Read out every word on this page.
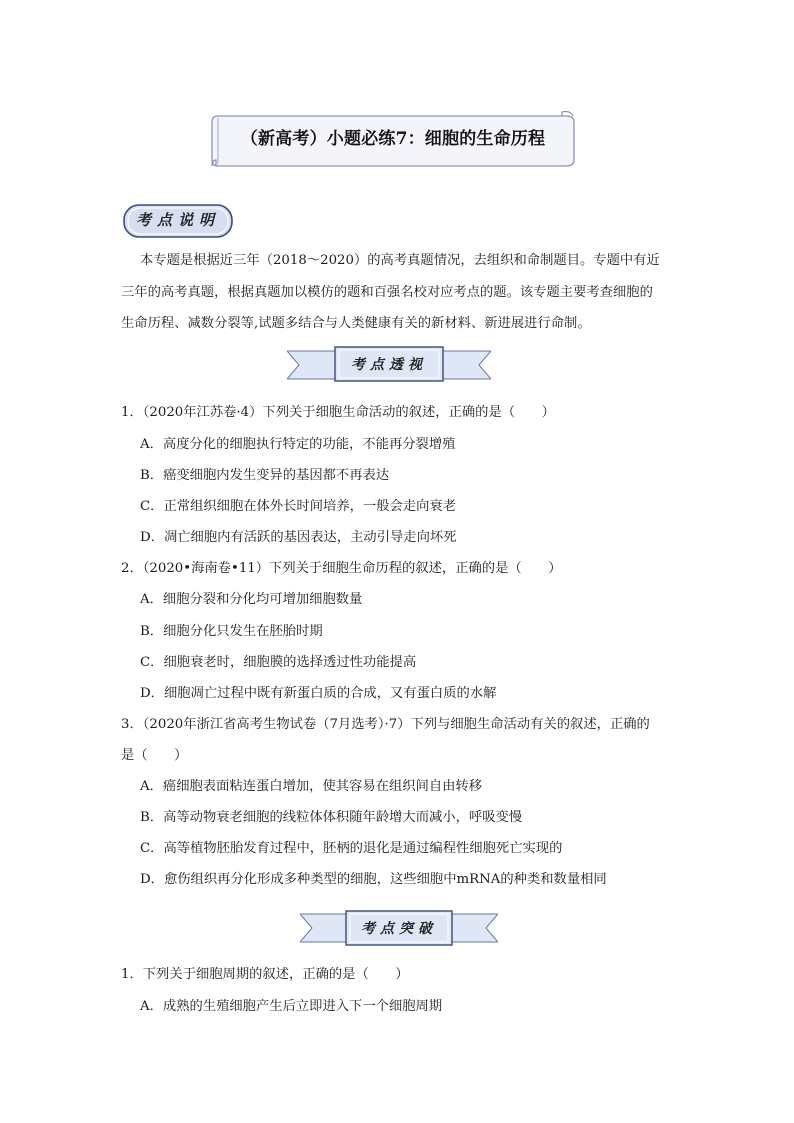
（新高考）小题必练7：细胞的生命历程
考点说明
本专题是根据近三年（2018～2020）的高考真题情况，去组织和命制题目。专题中有近
三年的高考真题，根据真题加以模仿的题和百强名校对应考点的题。该专题主要考查细胞的
生命历程、减数分裂等,试题多结合与人类健康有关的新材料、新进展进行命制。
考点透视
1．（2020年江苏卷·4）下列关于细胞生命活动的叙述，正确的是（　　）
A．高度分化的细胞执行特定的功能，不能再分裂增殖
B．癌变细胞内发生变异的基因都不再表达
C．正常组织细胞在体外长时间培养，一般会走向衰老
D．凋亡细胞内有活跃的基因表达，主动引导走向坏死
2．（2020•海南卷•11）下列关于细胞生命历程的叙述，正确的是（　　）
A．细胞分裂和分化均可增加细胞数量
B．细胞分化只发生在胚胎时期
C．细胞衰老时，细胞膜的选择透过性功能提高
D．细胞凋亡过程中既有新蛋白质的合成，又有蛋白质的水解
3．（2020年浙江省高考生物试卷（7月选考）·7）下列与细胞生命活动有关的叙述，正确的
是（　　）
A．癌细胞表面粘连蛋白增加，使其容易在组织间自由转移
B．高等动物衰老细胞的线粒体体积随年龄增大而减小，呼吸变慢
C．高等植物胚胎发育过程中，胚柄的退化是通过编程性细胞死亡实现的
D．愈伤组织再分化形成多种类型的细胞，这些细胞中mRNA的种类和数量相同
考点突破
1．下列关于细胞周期的叙述，正确的是（　　）
A．成熟的生殖细胞产生后立即进入下一个细胞周期
